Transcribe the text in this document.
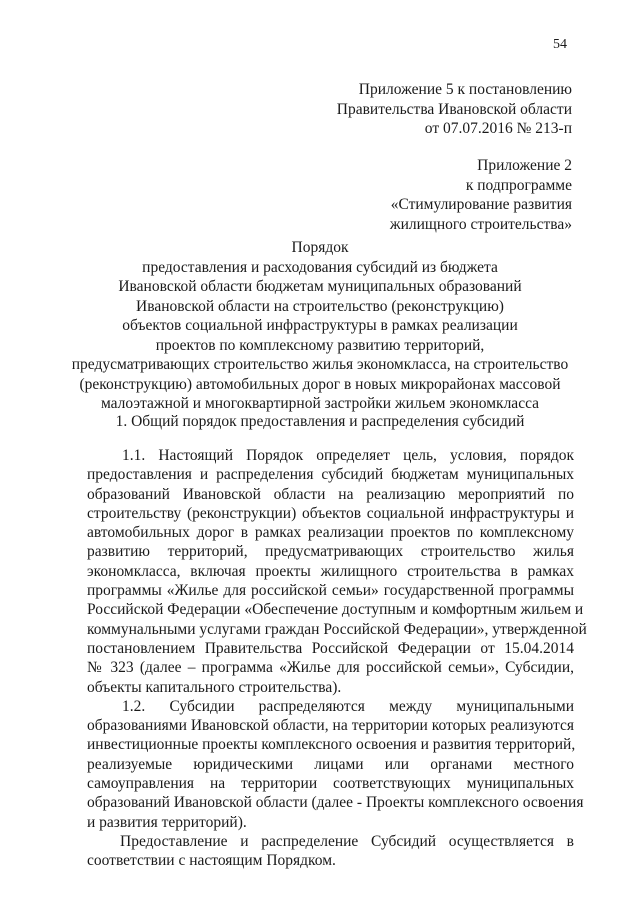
54
Приложение 5 к постановлению
Правительства Ивановской области
от 07.07.2016 № 213-п
Приложение 2
к подпрограмме
«Стимулирование развития
жилищного строительства»
Порядок
предоставления и расходования субсидий из бюджета
Ивановской области бюджетам муниципальных образований
Ивановской области на строительство (реконструкцию)
объектов социальной инфраструктуры в рамках реализации
проектов по комплексному развитию территорий,
предусматривающих строительство жилья экономкласса, на строительство
(реконструкцию) автомобильных дорог в новых микрорайонах массовой
малоэтажной и многоквартирной застройки жильем экономкласса
1. Общий порядок предоставления и распределения субсидий
1.1. Настоящий Порядок определяет цель, условия, порядок
предоставления и распределения субсидий бюджетам муниципальных
образований Ивановской области на реализацию мероприятий по
строительству (реконструкции) объектов социальной инфраструктуры и
автомобильных дорог в рамках реализации проектов по комплексному
развитию территорий, предусматривающих строительство жилья
экономкласса, включая проекты жилищного строительства в рамках
программы «Жилье для российской семьи» государственной программы
Российской Федерации «Обеспечение доступным и комфортным жильем и
коммунальными услугами граждан Российской Федерации», утвержденной
постановлением Правительства Российской Федерации от 15.04.2014
№ 323 (далее – программа «Жилье для российской семьи», Субсидии,
объекты капитального строительства).
1.2. Субсидии распределяются между муниципальными
образованиями Ивановской области, на территории которых реализуются
инвестиционные проекты комплексного освоения и развития территорий,
реализуемые юридическими лицами или органами местного
самоуправления на территории соответствующих муниципальных
образований Ивановской области (далее - Проекты комплексного освоения
и развития территорий).
Предоставление и распределение Субсидий осуществляется в
соответствии с настоящим Порядком.
